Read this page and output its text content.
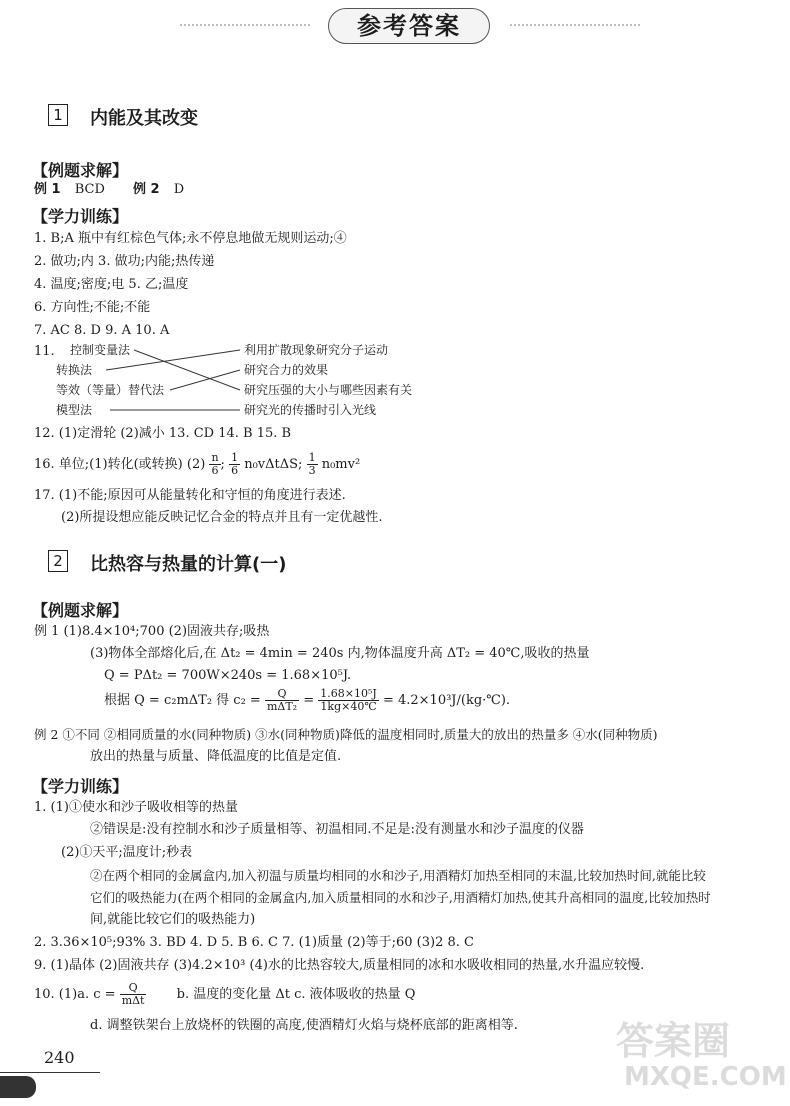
参考答案
1 内能及其改变
【例题求解】
例 1 BCD 例 2 D
【学力训练】
1. B;A 瓶中有红棕色气体;永不停息地做无规则运动;④
2. 做功;内 3. 做功;内能;热传递
4. 温度;密度;电 5. 乙;温度
6. 方向性;不能;不能
7. AC 8. D 9. A 10. A
11. 控制变量法
转换法
等效（等量）替代法
模型法
利用扩散现象研究分子运动
研究合力的效果
研究压强的大小与哪些因素有关
研究光的传播时引入光线
12. (1)定滑轮 (2)减小 13. CD 14. B 15. B
16. 单位;(1)转化(或转换) $(2) \frac{n}{6}$ ; $\frac{1}{6} n_0v\Delta t\Delta S$; $\frac{1}{3} n_0mv^2$
17. (1)不能;原因可从能量转化和守恒的角度进行表述.
(2)所提设想应能反映记忆合金的特点并且有一定优越性.
2 比热容与热量的计算(一)
【例题求解】
例 1 (1)8.4×10⁴;700 (2)固液共存;吸热
(3)物体全部熔化后,在 Δt₂ = 4min = 240s 内,物体温度升高 ΔT₂ = 40℃,吸收的热量
Q = PΔt₂ = 700W×240s = 1.68×10⁵J.
根据 Q = c₂mΔT₂ 得 $c_2 = \frac{Q}{\text{mΔT₂}} = \frac{\text{1.68×10⁵J}}{1kg\times 40℃}$ = 4.2×10³J/(kg·℃).
例 2 ①不同 ②相同质量的水(同种物质) ③水(同种物质)降低的温度相同时,质量大的放出的热量多 ④水(同种物质)
放出的热量与质量、降低温度的比值是定值.
【学力训练】
1. (1)①使水和沙子吸收相等的热量
②错误是:没有控制水和沙子质量相等、初温相同.不足是:没有测量水和沙子温度的仪器
(2)①天平;温度计;秒表
②在两个相同的金属盒内,加入初温与质量均相同的水和沙子,用酒精灯加热至相同的末温,比较加热时间,就能比较
它们的吸热能力(在两个相同的金属盒内,加入质量相同的水和沙子,用酒精灯加热,使其升高相同的温度,比较加热时
间,就能比较它们的吸热能力)
2. 3.36×10⁵;93% 3. BD 4. D 5. B 6. C 7. (1)质量 (2)等于;60 (3)2 8. C
9. (1)晶体 (2)固液共存 (3)4.2×10³ (4)水的比热容较大,质量相同的冰和水吸收相同的热量,水升温应较慢.
10. (1)a. $c = \frac{Q}{\text{mΔt}} b$. 温度的变化量 Δt c. 液体吸收的热量 Q
d. 调整铁架台上放烧杯的铁圈的高度,使酒精灯火焰与烧杯底部的距离相等.
240	答案圈
MXQE.COM
